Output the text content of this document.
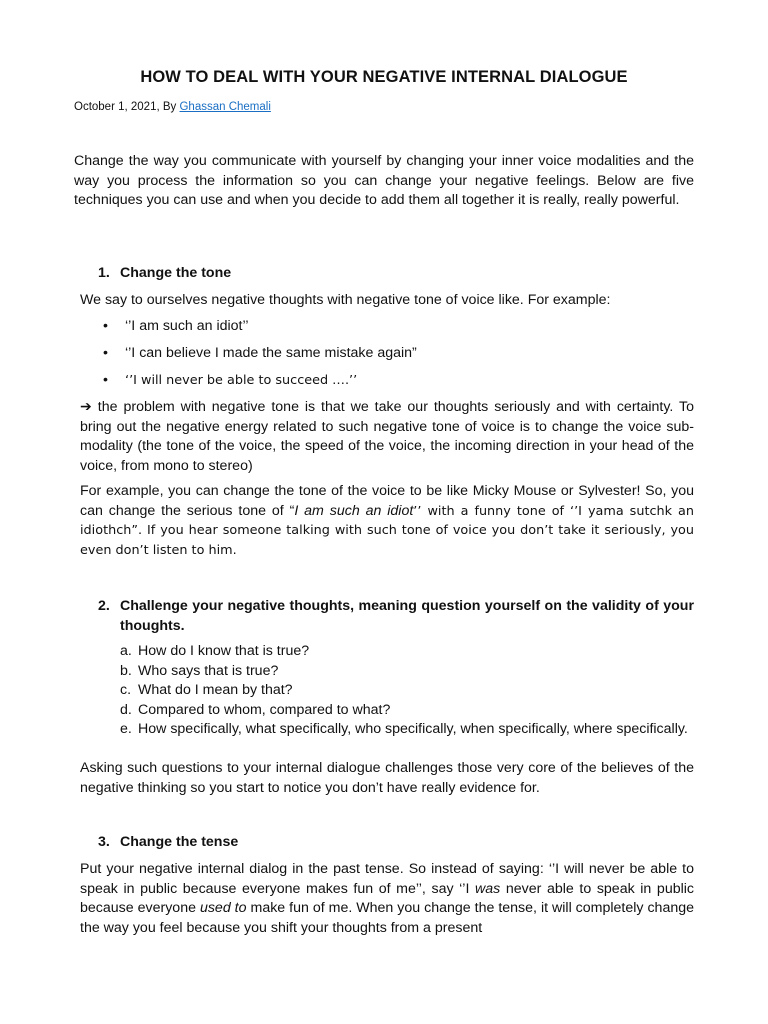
HOW TO DEAL WITH YOUR NEGATIVE INTERNAL DIALOGUE
October 1, 2021, By Ghassan Chemali
Change the way you communicate with yourself by changing your inner voice modalities and the way you process the information so you can change your negative feelings. Below are five techniques you can use and when you decide to add them all together it is really, really powerful.
1. Change the tone
We say to ourselves negative thoughts with negative tone of voice like. For example:
• ‘’I am such an idiot’’
• ‘’I can believe I made the same mistake again”
• ‘’I will never be able to succeed ….’’
➔ the problem with negative tone is that we take our thoughts seriously and with certainty. To bring out the negative energy related to such negative tone of voice is to change the voice sub-modality (the tone of the voice, the speed of the voice, the incoming direction in your head of the voice, from mono to stereo)
For example, you can change the tone of the voice to be like Micky Mouse or Sylvester! So, you can change the serious tone of “I am such an idiot’’ with a funny tone of ‘’I yama sutchk an idiothch”. If you hear someone talking with such tone of voice you don’t take it seriously, you even don’t listen to him.
2. Challenge your negative thoughts, meaning question yourself on the validity of your thoughts.
a. How do I know that is true?
b. Who says that is true?
c. What do I mean by that?
d. Compared to whom, compared to what?
e. How specifically, what specifically, who specifically, when specifically, where specifically.
Asking such questions to your internal dialogue challenges those very core of the believes of the negative thinking so you start to notice you don’t have really evidence for.
3. Change the tense
Put your negative internal dialog in the past tense. So instead of saying: ‘’I will never be able to speak in public because everyone makes fun of me’’, say ‘’I was never able to speak in public because everyone used to make fun of me. When you change the tense, it will completely change the way you feel because you shift your thoughts from a present
